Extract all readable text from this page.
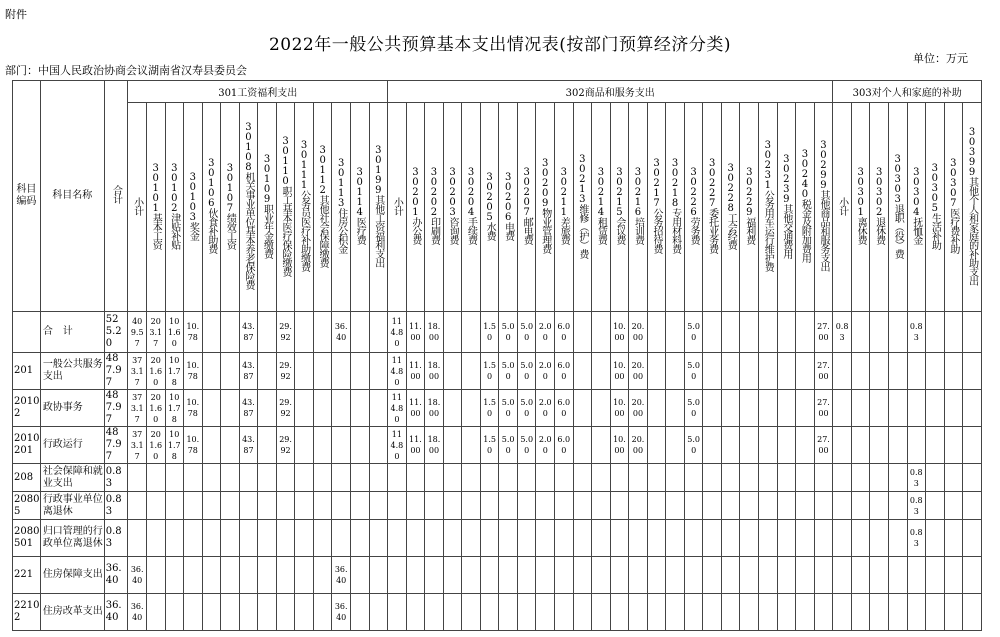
附件
2022年一般公共预算基本支出情况表(按部门预算经济分类)
部门：中国人民政治协商会议湖南省汉寿县委员会
单位：万元
科目编码	科目名称	合计	301工资福利支出														302商品和服务支出																								303对个人和家庭的补助							
			小计	30101基本工资	30102津贴补贴	30103奖金	30106伙食补助费	30107绩效工资	30108机关事业单位基本养老保险费	30109职业年金缴费	30110职工基本医疗保险缴费	30111公务员医疗补助缴费	30112其他社会保障缴费	30113住房公积金	30114医疗费	30199其他工资福利支出	小计	30201办公费	30202印刷费	30203咨询费	30204手续费	30205水费	30206电费	30207邮电费	30209物业管理费	30211差旅费	30213维修（护）费	30214租赁费	30215会议费	30216培训费	30217公务招待费	30218专用材料费	30226劳务费	30227委托业务费	30228工会经费	30229福利费	30231公务用车运行维护费	30239其他交通费用	30240税金及附加费用	30299其他商品和服务支出	小计	30301离休费	30302退休费	30303退职（役）费	30304抚恤金	30305生活补助	30307医疗费补助	30399其他个人和家庭的补助支出
	合　计	525.20	409.57	203.17	101.60	10.78			43.87		29.92			36.40			114.80	11.00	18.00			1.50	5.00	5.00	2.00	6.00			10.00	20.00			5.00							27.00	0.83				0.83			
201	一般公共服务支出	487.97	373.17	201.60	101.78	10.78			43.87		29.92						114.80	11.00	18.00			1.50	5.00	5.00	2.00	6.00			10.00	20.00			5.00							27.00								
20102	政协事务	487.97	373.17	201.60	101.78	10.78			43.87		29.92						114.80	11.00	18.00			1.50	5.00	5.00	2.00	6.00			10.00	20.00			5.00							27.00								
2010201	行政运行	487.97	373.17	201.60	101.78	10.78			43.87		29.92						114.80	11.00	18.00			1.50	5.00	5.00	2.00	6.00			10.00	20.00			5.00							27.00								
208	社会保障和就业支出	0.83																																											0.83			
20805	行政事业单位离退休	0.83																																											0.83			
2080501	归口管理的行政单位离退休	0.83																																											0.83			
221	住房保障支出	36.40	36.40											36.40																																		
22102	住房改革支出	36.40	36.40											36.40																																		
